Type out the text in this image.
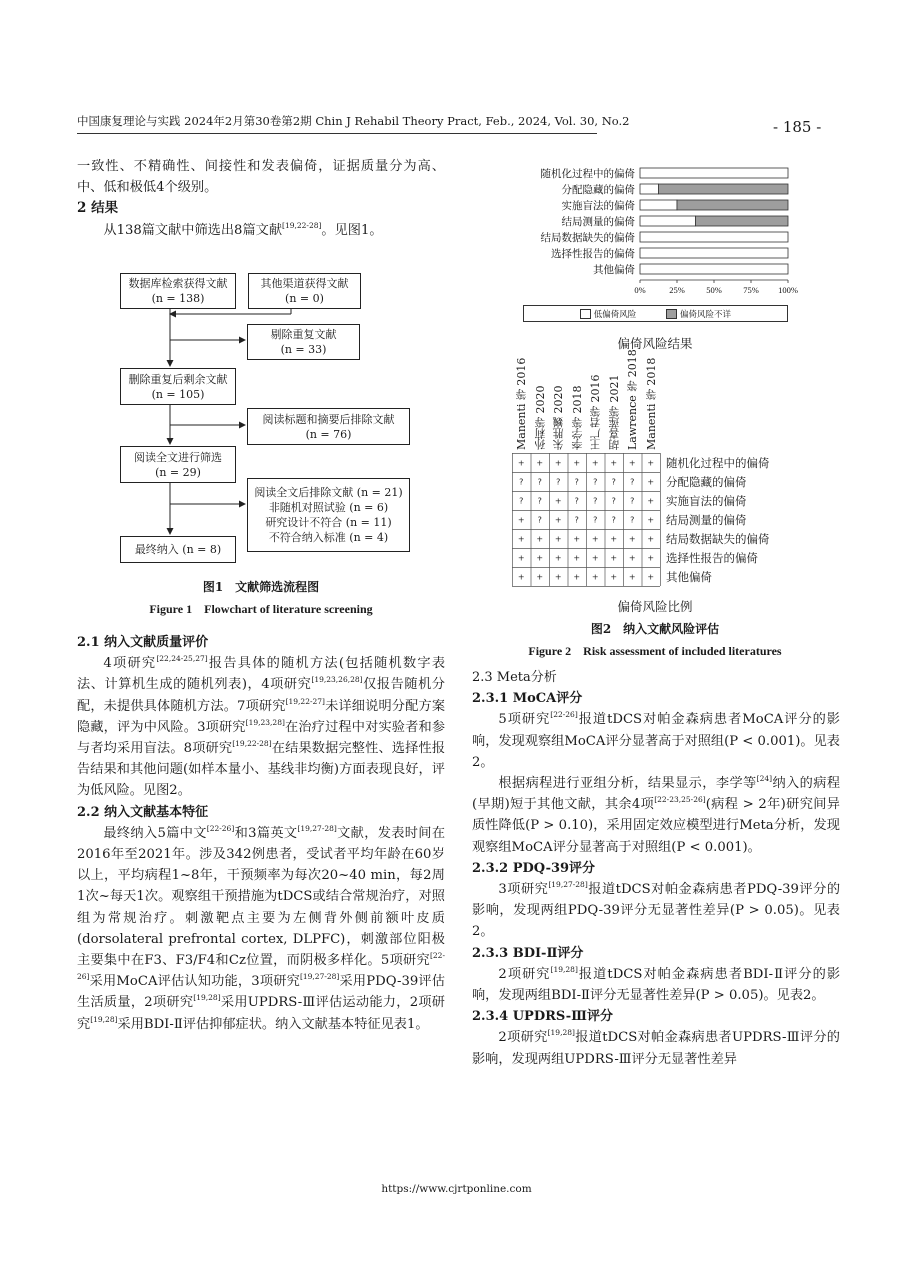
中国康复理论与实践 2024年2月第30卷第2期 Chin J Rehabil Theory Pract, Feb., 2024, Vol. 30, No.2	- 185 -

一致性、不精确性、间接性和发表偏倚，证据质量分为高、中、低和极低4个级别。

2 结果

从138篇文献中筛选出8篇文献[19,22-28]。见图1。

数据库检索获得文献
(n = 138)
其他渠道获得文献
(n = 0)
剔除重复文献
(n = 33)
删除重复后剩余文献
(n = 105)
阅读标题和摘要后排除文献
(n = 76)
阅读全文进行筛选
(n = 29)
阅读全文后排除文献 (n = 21)
非随机对照试验 (n = 6)
研究设计不符合 (n = 11)
不符合纳入标准 (n = 4)
最终纳入 (n = 8)
图1　文献筛选流程图
Figure 1　Flowchart of literature screening

2.1 纳入文献质量评价

4项研究[22,24-25,27]报告具体的随机方法(包括随机数字表法、计算机生成的随机列表)，4项研究[19,23,26,28]仅报告随机分配，未提供具体随机方法。7项研究[19,22-27]未详细说明分配方案隐藏，评为中风险。3项研究[19,23,28]在治疗过程中对实验者和参与者均采用盲法。8项研究[19,22-28]在结果数据完整性、选择性报告结果和其他问题(如样本量小、基线非均衡)方面表现良好，评为低风险。见图2。

2.2 纳入文献基本特征

最终纳入5篇中文[22-26]和3篇英文[19,27-28]文献，发表时间在2016年至2021年。涉及342例患者，受试者平均年龄在60岁以上，平均病程1~8年，干预频率为每次20~40 min，每2周1次~每天1次。观察组干预措施为tDCS或结合常规治疗，对照组为常规治疗。刺激靶点主要为左侧背外侧前额叶皮质(dorsolateral prefrontal cortex, DLPFC)，刺激部位阳极主要集中在F3、F3/F4和Cz位置，而阴极多样化。5项研究[22-26]采用MoCA评估认知功能，3项研究[19,27-28]采用PDQ-39评估生活质量，2项研究[19,28]采用UPDRS-Ⅲ评估运动能力，2项研究[19,28]采用BDI-Ⅱ评估抑郁症状。纳入文献基本特征见表1。

随机化过程中的偏倚
分配隐藏的偏倚
实施盲法的偏倚
结局测量的偏倚
结局数据缺失的偏倚
选择性报告的偏倚
其他偏倚
0%	25%	50%	75% 100%
低偏倚风险	偏倚风险不详
偏倚风险结果
Manenti 等 2016 孙莉等 2020 朱胜巍 2020 李学等 2018 王广君等 2016 胡喜莲等 2021 Lawrence 等 2018 Manenti 等 2018
+ + + + + + + +
? ? ? ? ? ? ? +
? ? + ? ? ? ? +
+ ? + ? ? ? ? +
+ + + + + + + +
+ + + + + + + +
+ + + + + + + +
随机化过程中的偏倚
分配隐藏的偏倚
实施盲法的偏倚
结局测量的偏倚
结局数据缺失的偏倚
选择性报告的偏倚
其他偏倚
偏倚风险比例
图2　纳入文献风险评估
Figure 2　Risk assessment of included literatures

2.3 Meta分析

2.3.1 MoCA评分

5项研究[22-26]报道tDCS对帕金森病患者MoCA评分的影响，发现观察组MoCA评分显著高于对照组(P < 0.001)。见表2。

根据病程进行亚组分析，结果显示，李学等[24]纳入的病程(早期)短于其他文献，其余4项[22-23,25-26](病程 > 2年)研究间异质性降低(P > 0.10)，采用固定效应模型进行Meta分析，发现观察组MoCA评分显著高于对照组(P < 0.001)。

2.3.2 PDQ-39评分

3项研究[19,27-28]报道tDCS对帕金森病患者PDQ-39评分的影响，发现两组PDQ-39评分无显著性差异(P > 0.05)。见表2。

2.3.3 BDI-Ⅱ评分

2项研究[19,28]报道tDCS对帕金森病患者BDI-Ⅱ评分的影响，发现两组BDI-Ⅱ评分无显著性差异(P > 0.05)。见表2。

2.3.4 UPDRS-Ⅲ评分

2项研究[19,28]报道tDCS对帕金森病患者UPDRS-Ⅲ评分的影响，发现两组UPDRS-Ⅲ评分无显著性差异

https://www.cjrtponline.com
